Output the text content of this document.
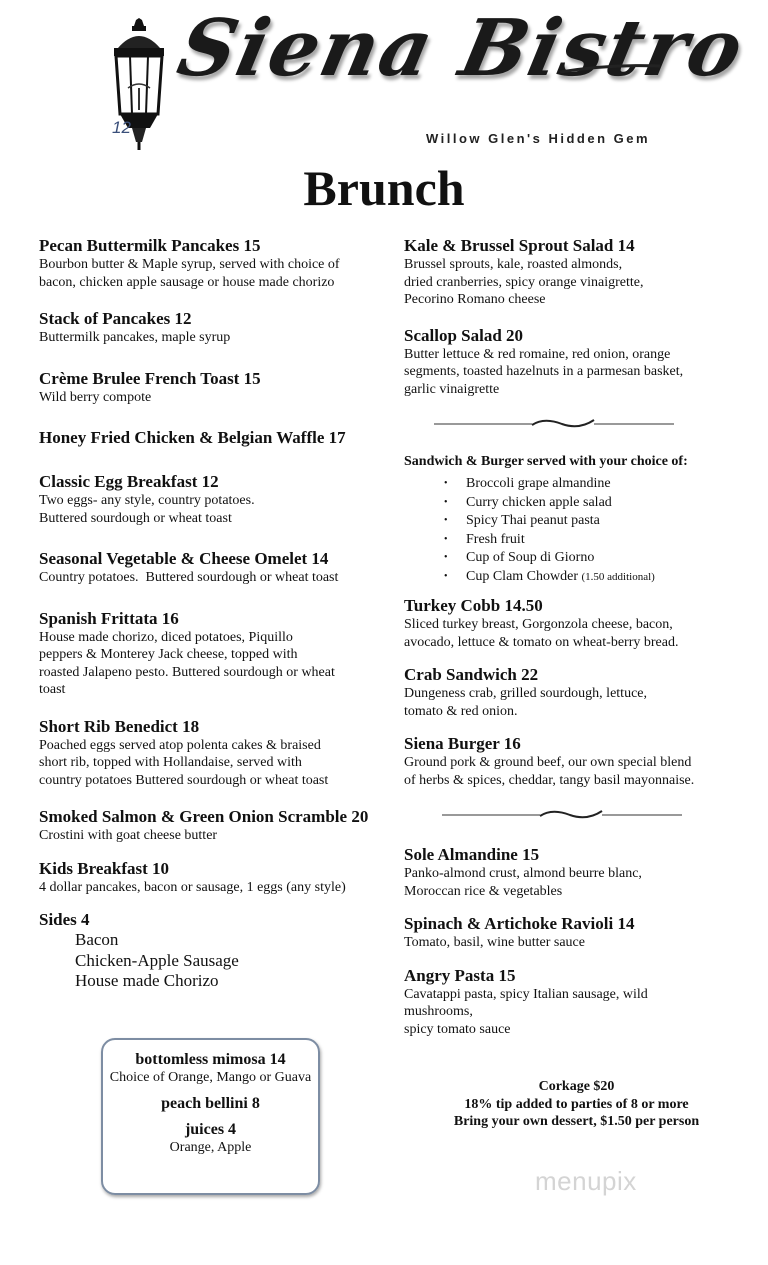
12
Siena Bistro
Willow Glen's Hidden Gem
Brunch
Pecan Buttermilk Pancakes 15
Bourbon butter & Maple syrup, served with choice of
bacon, chicken apple sausage or house made chorizo
Stack of Pancakes 12
Buttermilk pancakes, maple syrup
Crème Brulee French Toast 15
Wild berry compote
Honey Fried Chicken & Belgian Waffle 17
Classic Egg Breakfast 12
Two eggs- any style, country potatoes.
Buttered sourdough or wheat toast
Seasonal Vegetable & Cheese Omelet 14
Country potatoes.  Buttered sourdough or wheat toast
Spanish Frittata 16
House made chorizo, diced potatoes, Piquillo
peppers & Monterey Jack cheese, topped with
roasted Jalapeno pesto. Buttered sourdough or wheat
toast
Short Rib Benedict 18
Poached eggs served atop polenta cakes & braised
short rib, topped with Hollandaise, served with
country potatoes Buttered sourdough or wheat toast
Smoked Salmon & Green Onion Scramble 20
Crostini with goat cheese butter
Kids Breakfast 10
4 dollar pancakes, bacon or sausage, 1 eggs (any style)
Sides 4
Bacon
Chicken-Apple Sausage
House made Chorizo
bottomless mimosa 14
Choice of Orange, Mango or Guava
peach bellini 8
juices 4
Orange, Apple
Kale & Brussel Sprout Salad 14
Brussel sprouts, kale, roasted almonds,
dried cranberries, spicy orange vinaigrette,
Pecorino Romano cheese
Scallop Salad 20
Butter lettuce & red romaine, red onion, orange
segments, toasted hazelnuts in a parmesan basket,
garlic vinaigrette
Sandwich & Burger served with your choice of:
• Broccoli grape almandine
• Curry chicken apple salad
• Spicy Thai peanut pasta
• Fresh fruit
• Cup of Soup di Giorno
• Cup Clam Chowder (1.50 additional)
Turkey Cobb 14.50
Sliced turkey breast, Gorgonzola cheese, bacon,
avocado, lettuce & tomato on wheat-berry bread.
Crab Sandwich 22
Dungeness crab, grilled sourdough, lettuce,
tomato & red onion.
Siena Burger 16
Ground pork & ground beef, our own special blend
of herbs & spices, cheddar, tangy basil mayonnaise.
Sole Almandine 15
Panko-almond crust, almond beurre blanc,
Moroccan rice & vegetables
Spinach & Artichoke Ravioli 14
Tomato, basil, wine butter sauce
Angry Pasta 15
Cavatappi pasta, spicy Italian sausage, wild
mushrooms,
spicy tomato sauce
Corkage $20
18% tip added to parties of 8 or more
Bring your own dessert, $1.50 per person
menupix
